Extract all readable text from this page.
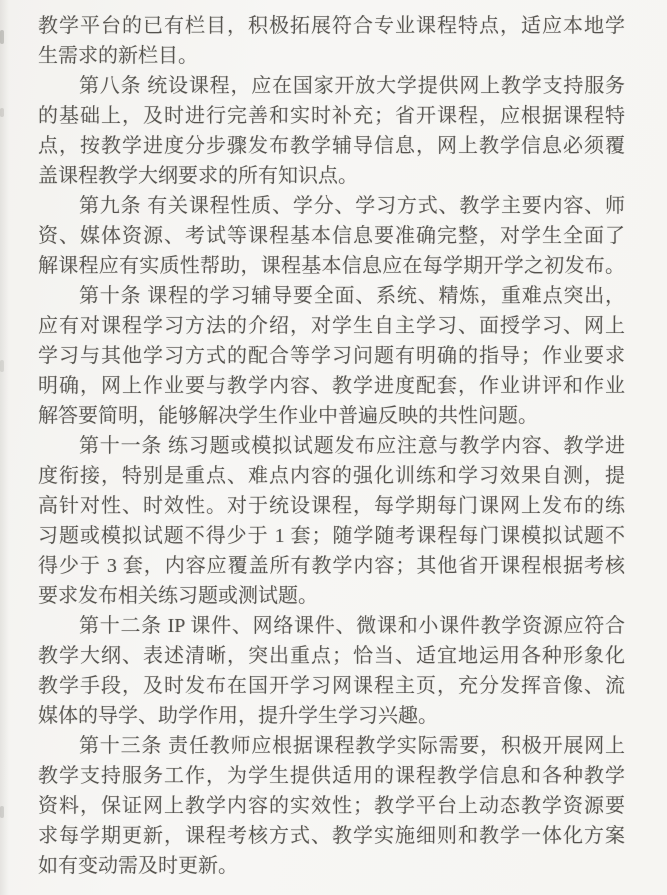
教学平台的已有栏目，积极拓展符合专业课程特点，适应本地学
生需求的新栏目。
第八条 统设课程，应在国家开放大学提供网上教学支持服务
的基础上，及时进行完善和实时补充；省开课程，应根据课程特
点，按教学进度分步骤发布教学辅导信息，网上教学信息必须覆
盖课程教学大纲要求的所有知识点。
第九条 有关课程性质、学分、学习方式、教学主要内容、师
资、媒体资源、考试等课程基本信息要准确完整，对学生全面了
解课程应有实质性帮助，课程基本信息应在每学期开学之初发布。
第十条 课程的学习辅导要全面、系统、精炼，重难点突出，
应有对课程学习方法的介绍，对学生自主学习、面授学习、网上
学习与其他学习方式的配合等学习问题有明确的指导；作业要求
明确，网上作业要与教学内容、教学进度配套，作业讲评和作业
解答要简明，能够解决学生作业中普遍反映的共性问题。
第十一条 练习题或模拟试题发布应注意与教学内容、教学进
度衔接，特别是重点、难点内容的强化训练和学习效果自测，提
高针对性、时效性。对于统设课程，每学期每门课网上发布的练
习题或模拟试题不得少于 1 套；随学随考课程每门课模拟试题不
得少于 3 套，内容应覆盖所有教学内容；其他省开课程根据考核
要求发布相关练习题或测试题。
第十二条 IP 课件、网络课件、微课和小课件教学资源应符合
教学大纲、表述清晰，突出重点；恰当、适宜地运用各种形象化
教学手段，及时发布在国开学习网课程主页，充分发挥音像、流
媒体的导学、助学作用，提升学生学习兴趣。
第十三条 责任教师应根据课程教学实际需要，积极开展网上
教学支持服务工作，为学生提供适用的课程教学信息和各种教学
资料，保证网上教学内容的实效性；教学平台上动态教学资源要
求每学期更新，课程考核方式、教学实施细则和教学一体化方案
如有变动需及时更新。
